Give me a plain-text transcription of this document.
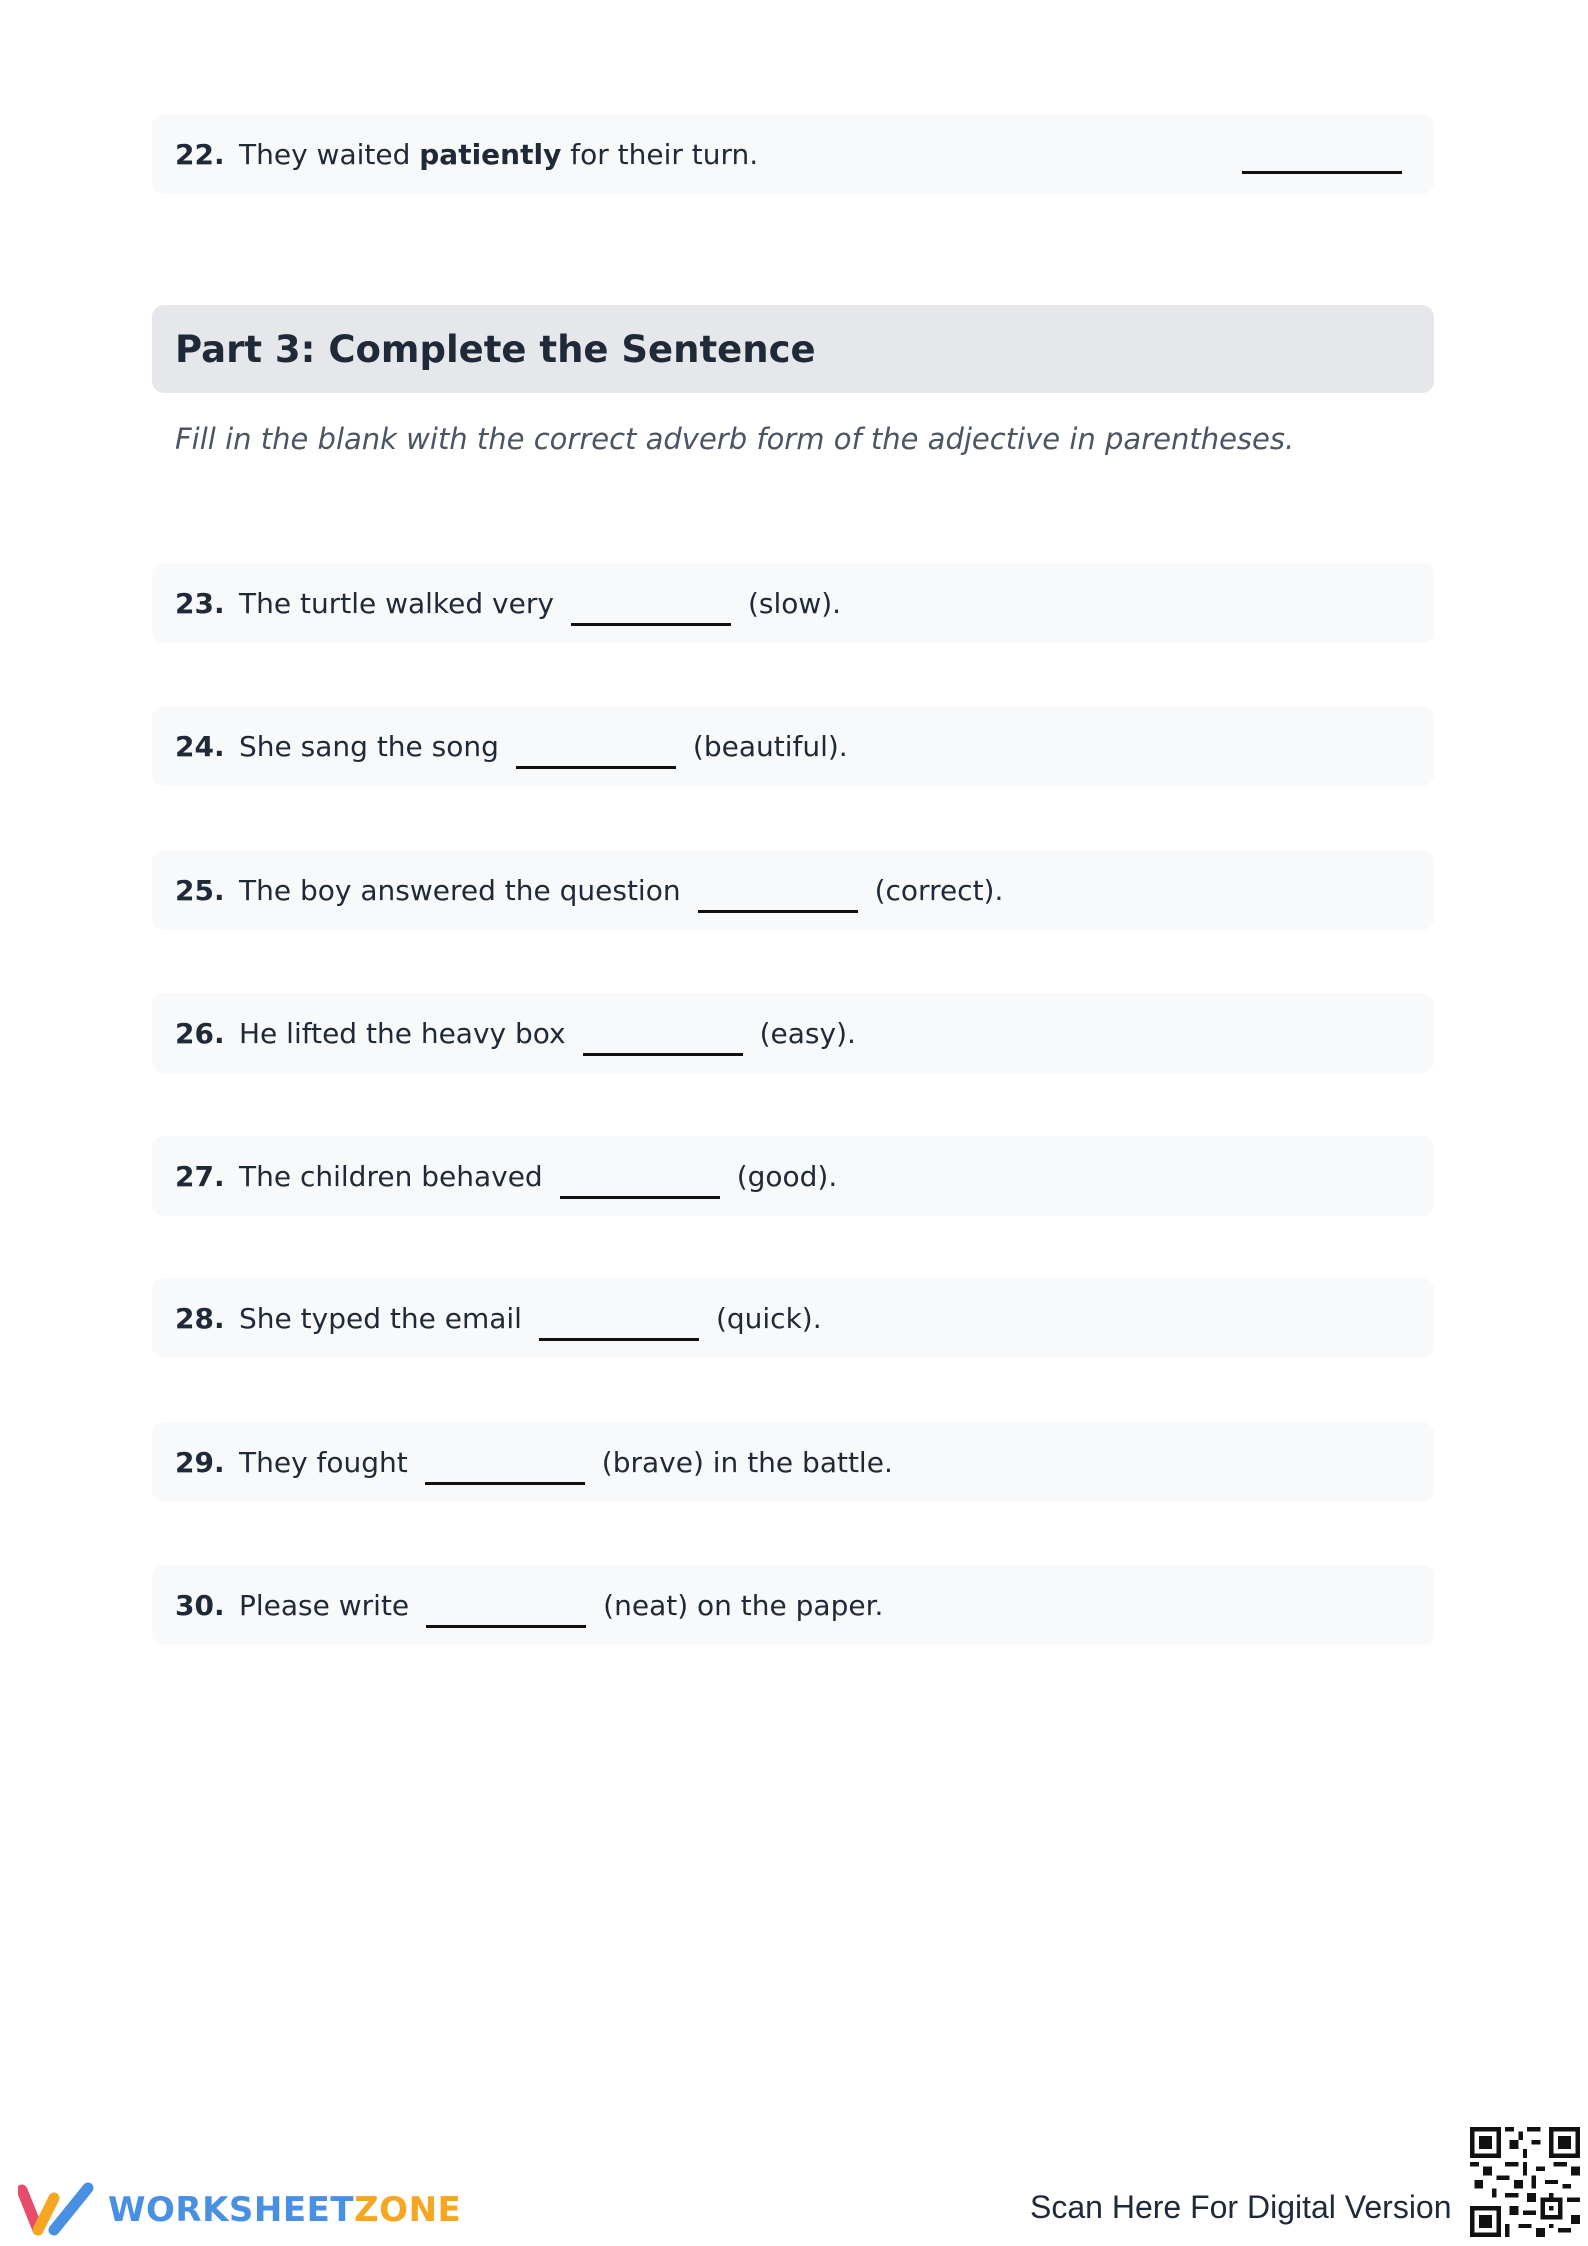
22. They waited patiently for their turn.
Part 3: Complete the Sentence
Fill in the blank with the correct adverb form of the adjective in parentheses.
23. The turtle walked very	(slow).
24. She sang the song	(beautiful).
25. The boy answered the question	(correct).
26. He lifted the heavy box	(easy).
27. The children behaved	(good).
28. She typed the email	(quick).
29. They fought	(brave) in the battle.
30. Please write	(neat) on the paper.
WORKSHEETZONE	Scan Here For Digital Version
